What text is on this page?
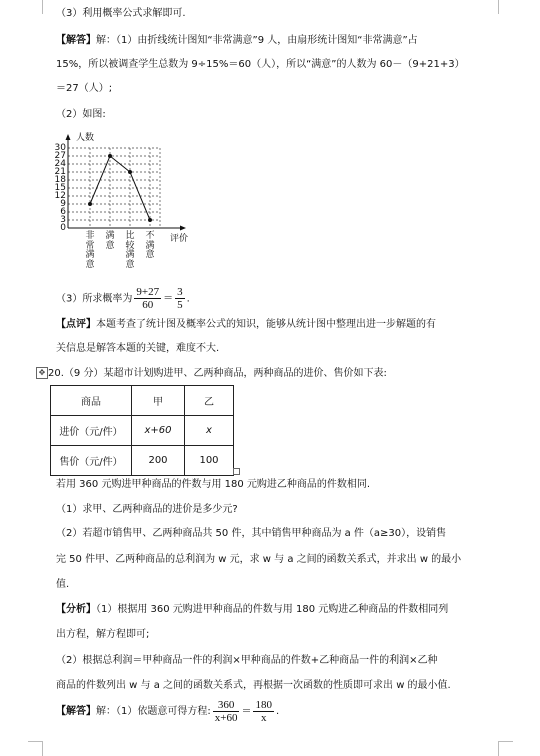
（3）利用概率公式求解即可.
【解答】解：（1）由折线统计图知“非常满意”9 人，由扇形统计图知“非常满意”占
15%，所以被调查学生总数为 9÷15%＝60（人），所以“满意”的人数为 60－（9+21+3）
＝27（人）;
（2）如图:
人数
评价
0
3
6
9
12
15
18
21
24
27
30
非常满意
满意
比较满意
不满意
（3）所求概率为 $\frac{9+27}{60} = \frac{3}{5}$ .
【点评】本题考查了统计图及概率公式的知识，能够从统计图中整理出进一步解题的有
关信息是解答本题的关键，难度不大.
✥ 20.（9 分）某超市计划购进甲、乙两种商品，两种商品的进价、售价如下表:
商品	甲	乙
进价（元/件）	x+60	x
售价（元/件）	200	100
若用 360 元购进甲种商品的件数与用 180 元购进乙种商品的件数相同.
（1）求甲、乙两种商品的进价是多少元?
（2）若超市销售甲、乙两种商品共 50 件，其中销售甲种商品为 a 件（a≥30），设销售
完 50 件甲、乙两种商品的总利润为 w 元，求 w 与 a 之间的函数关系式，并求出 w 的最小
值.
【分析】（1）根据用 360 元购进甲种商品的件数与用 180 元购进乙种商品的件数相同列
出方程，解方程即可;
（2）根据总利润＝甲种商品一件的利润×甲种商品的件数+乙种商品一件的利润×乙种
商品的件数列出 w 与 a 之间的函数关系式，再根据一次函数的性质即可求出 w 的最小值.
【解答】解：（1）依题意可得方程: $\frac{360}{x+60} = \frac{180}{x}$ .
